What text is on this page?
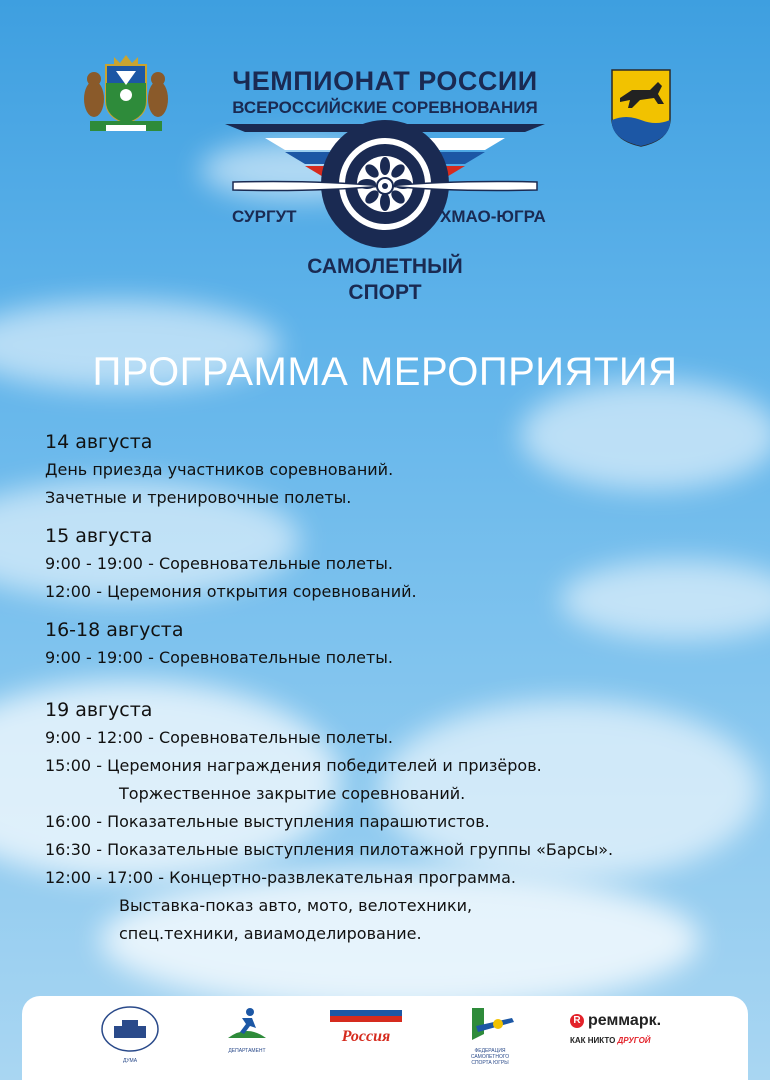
ЧЕМПИОНАТ РОССИИ
ВСЕРОССИЙСКИЕ СОРЕВНОВАНИЯ
СУРГУТ	ХМАО-ЮГРА
САМОЛЕТНЫЙ
СПОРТ
ПРОГРАММА МЕРОПРИЯТИЯ
14 августа
День приезда участников соревнований.
Зачетные и тренировочные полеты.
15 августа
9:00 - 19:00 - Соревновательные полеты.
12:00 - Церемония открытия соревнований.
16-18 августа
9:00 - 19:00 - Соревновательные полеты.
19 августа
9:00 - 12:00 - Соревновательные полеты.
15:00 - Церемония награждения победителей и призёров.
Торжественное закрытие соревнований.
16:00 - Показательные выступления парашютистов.
16:30 - Показательные выступления пилотажной группы «Барсы».
12:00 - 17:00 - Концертно-развлекательная программа.
Выставка-показ авто, мото, велотехники,
спец.техники, авиамоделирование.
ДУМА
ДЕПАРТАМЕНТ
Россия
ФЕДЕРАЦИЯ САМОЛЕТНОГО СПОРТА ЮГРЫ
R реммарк.
КАК НИКТО ДРУГОЙ
